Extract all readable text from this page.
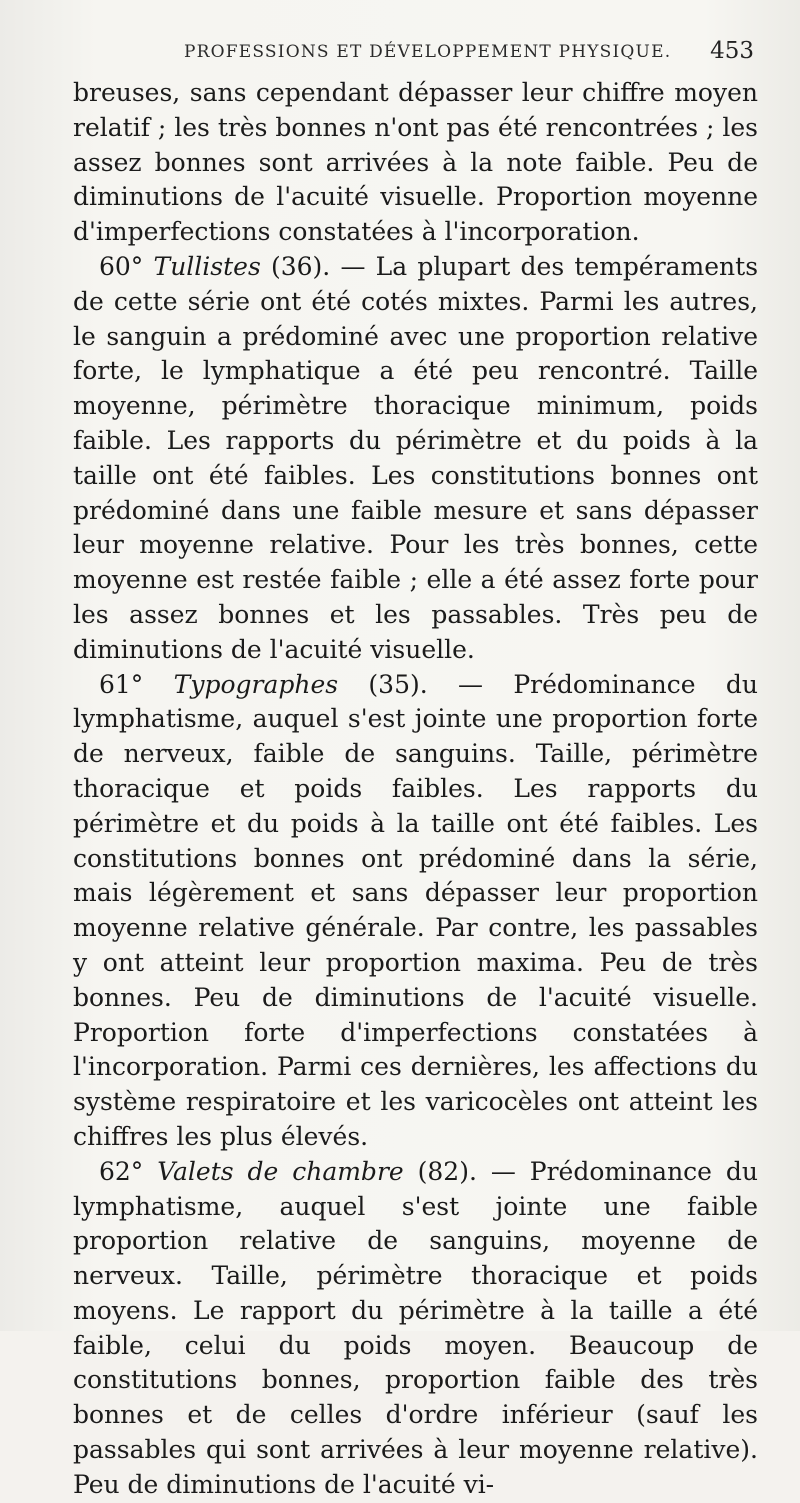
PROFESSIONS ET DÉVELOPPEMENT PHYSIQUE. 453

breuses, sans cependant dépasser leur chiffre moyen relatif ; les très bonnes n'ont pas été rencontrées ; les assez bonnes sont arrivées à la note faible. Peu de diminutions de l'acuité visuelle. Proportion moyenne d'imperfections constatées à l'incorporation.

60° Tullistes (36). — La plupart des tempéraments de cette série ont été cotés mixtes. Parmi les autres, le sanguin a prédominé avec une proportion relative forte, le lymphatique a été peu rencontré. Taille moyenne, périmètre thoracique minimum, poids faible. Les rapports du périmètre et du poids à la taille ont été faibles. Les constitutions bonnes ont prédominé dans une faible mesure et sans dépasser leur moyenne relative. Pour les très bonnes, cette moyenne est restée faible ; elle a été assez forte pour les assez bonnes et les passables. Très peu de diminutions de l'acuité visuelle.

61° Typographes (35). — Prédominance du lymphatisme, auquel s'est jointe une proportion forte de nerveux, faible de sanguins. Taille, périmètre thoracique et poids faibles. Les rapports du périmètre et du poids à la taille ont été faibles. Les constitutions bonnes ont prédominé dans la série, mais légèrement et sans dépasser leur proportion moyenne relative générale. Par contre, les passables y ont atteint leur proportion maxima. Peu de très bonnes. Peu de diminutions de l'acuité visuelle. Proportion forte d'imperfections constatées à l'incorporation. Parmi ces dernières, les affections du système respiratoire et les varicocèles ont atteint les chiffres les plus élevés.

62° Valets de chambre (82). — Prédominance du lymphatisme, auquel s'est jointe une faible proportion relative de sanguins, moyenne de nerveux. Taille, périmètre thoracique et poids moyens. Le rapport du périmètre à la taille a été faible, celui du poids moyen. Beaucoup de constitutions bonnes, proportion faible des très bonnes et de celles d'ordre inférieur (sauf les passables qui sont arrivées à leur moyenne relative). Peu de diminutions de l'acuité vi-
